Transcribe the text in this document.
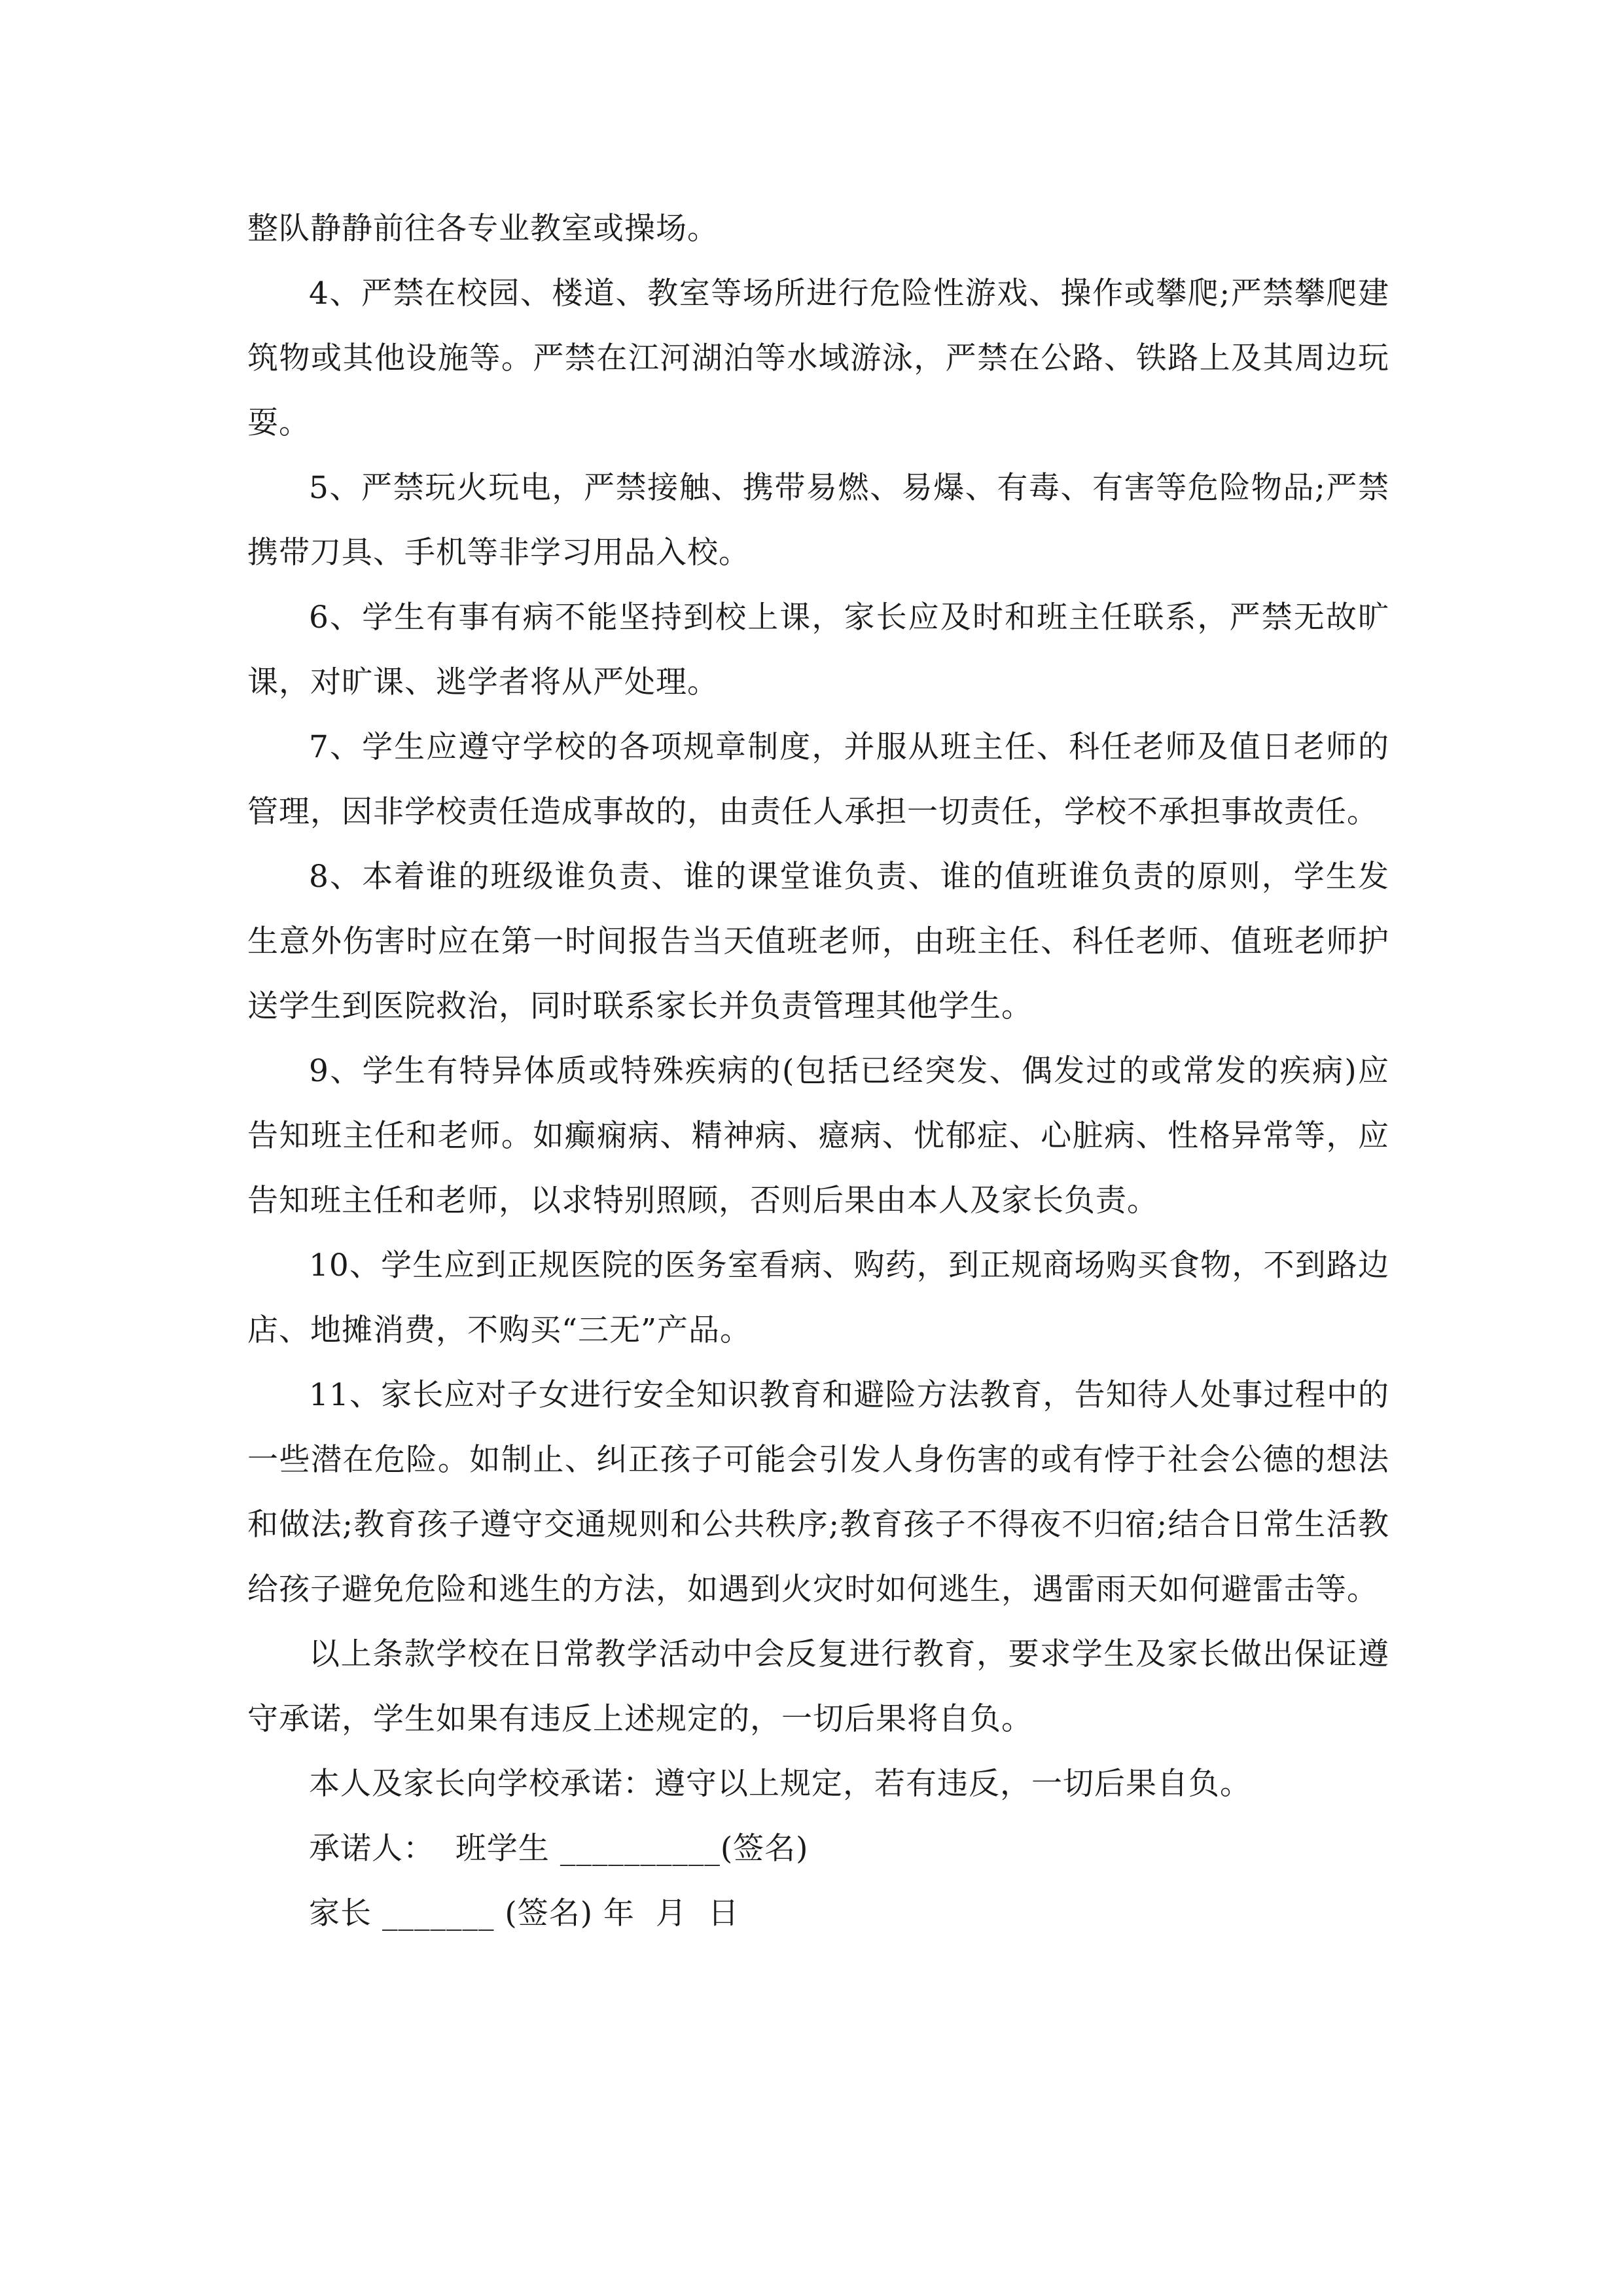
整队静静前往各专业教室或操场。

4、严禁在校园、楼道、教室等场所进行危险性游戏、操作或攀爬;严禁攀爬建筑物或其他设施等。严禁在江河湖泊等水域游泳，严禁在公路、铁路上及其周边玩耍。

5、严禁玩火玩电，严禁接触、携带易燃、易爆、有毒、有害等危险物品;严禁携带刀具、手机等非学习用品入校。

6、学生有事有病不能坚持到校上课，家长应及时和班主任联系，严禁无故旷课，对旷课、逃学者将从严处理。

7、学生应遵守学校的各项规章制度，并服从班主任、科任老师及值日老师的管理，因非学校责任造成事故的，由责任人承担一切责任，学校不承担事故责任。

8、本着谁的班级谁负责、谁的课堂谁负责、谁的值班谁负责的原则，学生发生意外伤害时应在第一时间报告当天值班老师，由班主任、科任老师、值班老师护送学生到医院救治，同时联系家长并负责管理其他学生。

9、学生有特异体质或特殊疾病的(包括已经突发、偶发过的或常发的疾病)应告知班主任和老师。如癫痫病、精神病、癔病、忧郁症、心脏病、性格异常等，应告知班主任和老师，以求特别照顾，否则后果由本人及家长负责。

10、学生应到正规医院的医务室看病、购药，到正规商场购买食物，不到路边店、地摊消费，不购买“三无”产品。

11、家长应对子女进行安全知识教育和避险方法教育，告知待人处事过程中的一些潜在危险。如制止、纠正孩子可能会引发人身伤害的或有悖于社会公德的想法和做法;教育孩子遵守交通规则和公共秩序;教育孩子不得夜不归宿;结合日常生活教给孩子避免危险和逃生的方法，如遇到火灾时如何逃生，遇雷雨天如何避雷击等。

以上条款学校在日常教学活动中会反复进行教育，要求学生及家长做出保证遵守承诺，学生如果有违反上述规定的，一切后果将自负。

本人及家长向学校承诺：遵守以上规定，若有违反，一切后果自负。

承诺人：  班学生 __________(签名)

家长 _______ (签名) 年  月  日
